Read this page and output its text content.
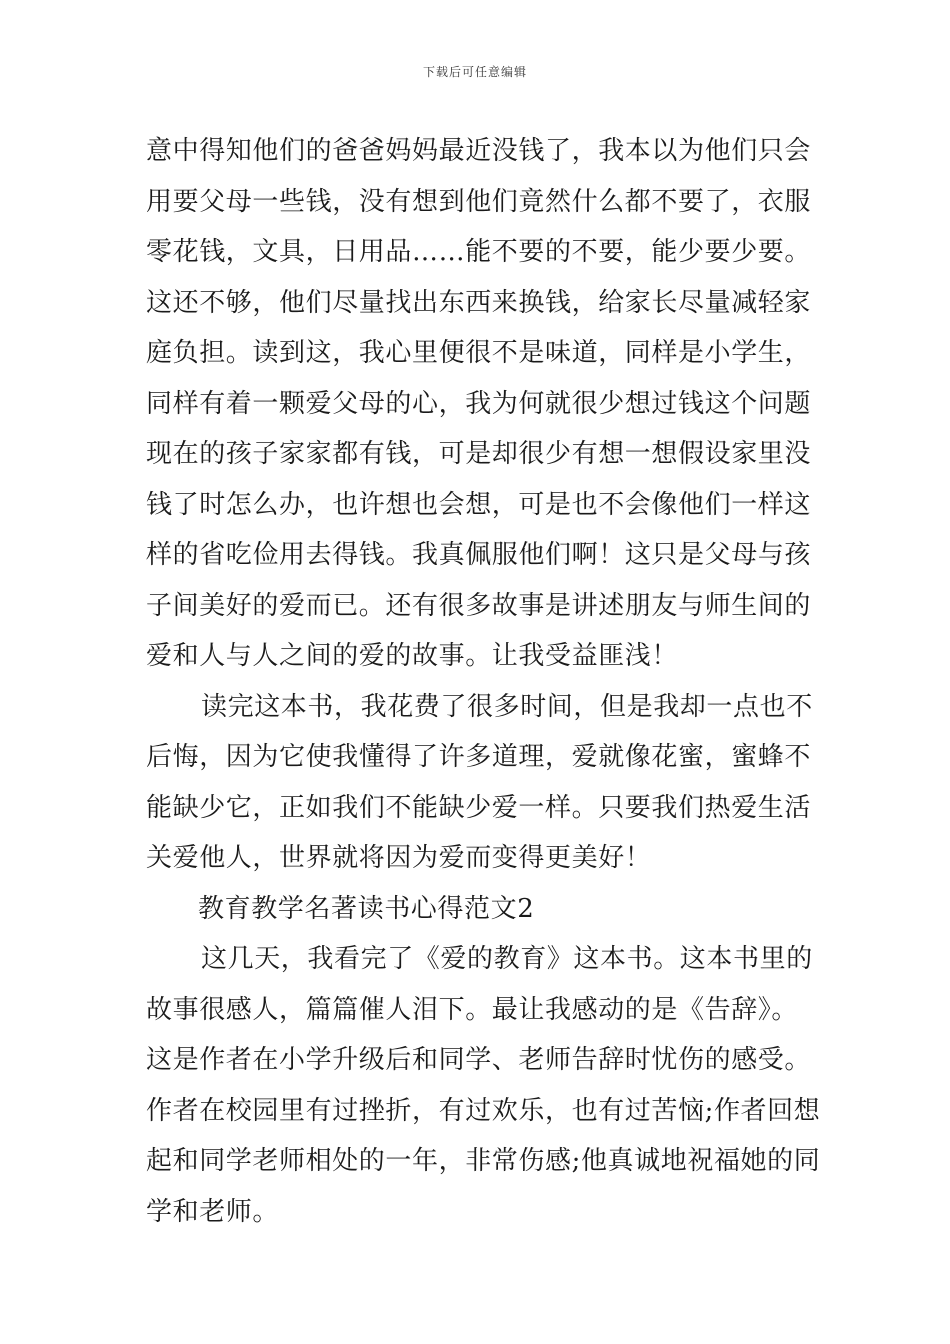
下载后可任意编辑
意中得知他们的爸爸妈妈最近没钱了，我本以为他们只会
用要父母一些钱，没有想到他们竟然什么都不要了，衣服
零花钱，文具，日用品……能不要的不要，能少要少要。
这还不够，他们尽量找出东西来换钱，给家长尽量减轻家
庭负担。读到这，我心里便很不是味道，同样是小学生，
同样有着一颗爱父母的心，我为何就很少想过钱这个问题
现在的孩子家家都有钱，可是却很少有想一想假设家里没
钱了时怎么办，也许想也会想，可是也不会像他们一样这
样的省吃俭用去得钱。我真佩服他们啊！这只是父母与孩
子间美好的爱而已。还有很多故事是讲述朋友与师生间的
爱和人与人之间的爱的故事。让我受益匪浅！
读完这本书，我花费了很多时间，但是我却一点也不
后悔，因为它使我懂得了许多道理，爱就像花蜜，蜜蜂不
能缺少它，正如我们不能缺少爱一样。只要我们热爱生活
关爱他人，世界就将因为爱而变得更美好！
教育教学名著读书心得范文2
这几天，我看完了《爱的教育》这本书。这本书里的
故事很感人，篇篇催人泪下。最让我感动的是《告辞》。
这是作者在小学升级后和同学、老师告辞时忧伤的感受。
作者在校园里有过挫折，有过欢乐，也有过苦恼;作者回想
起和同学老师相处的一年，非常伤感;他真诚地祝福她的同
学和老师。
